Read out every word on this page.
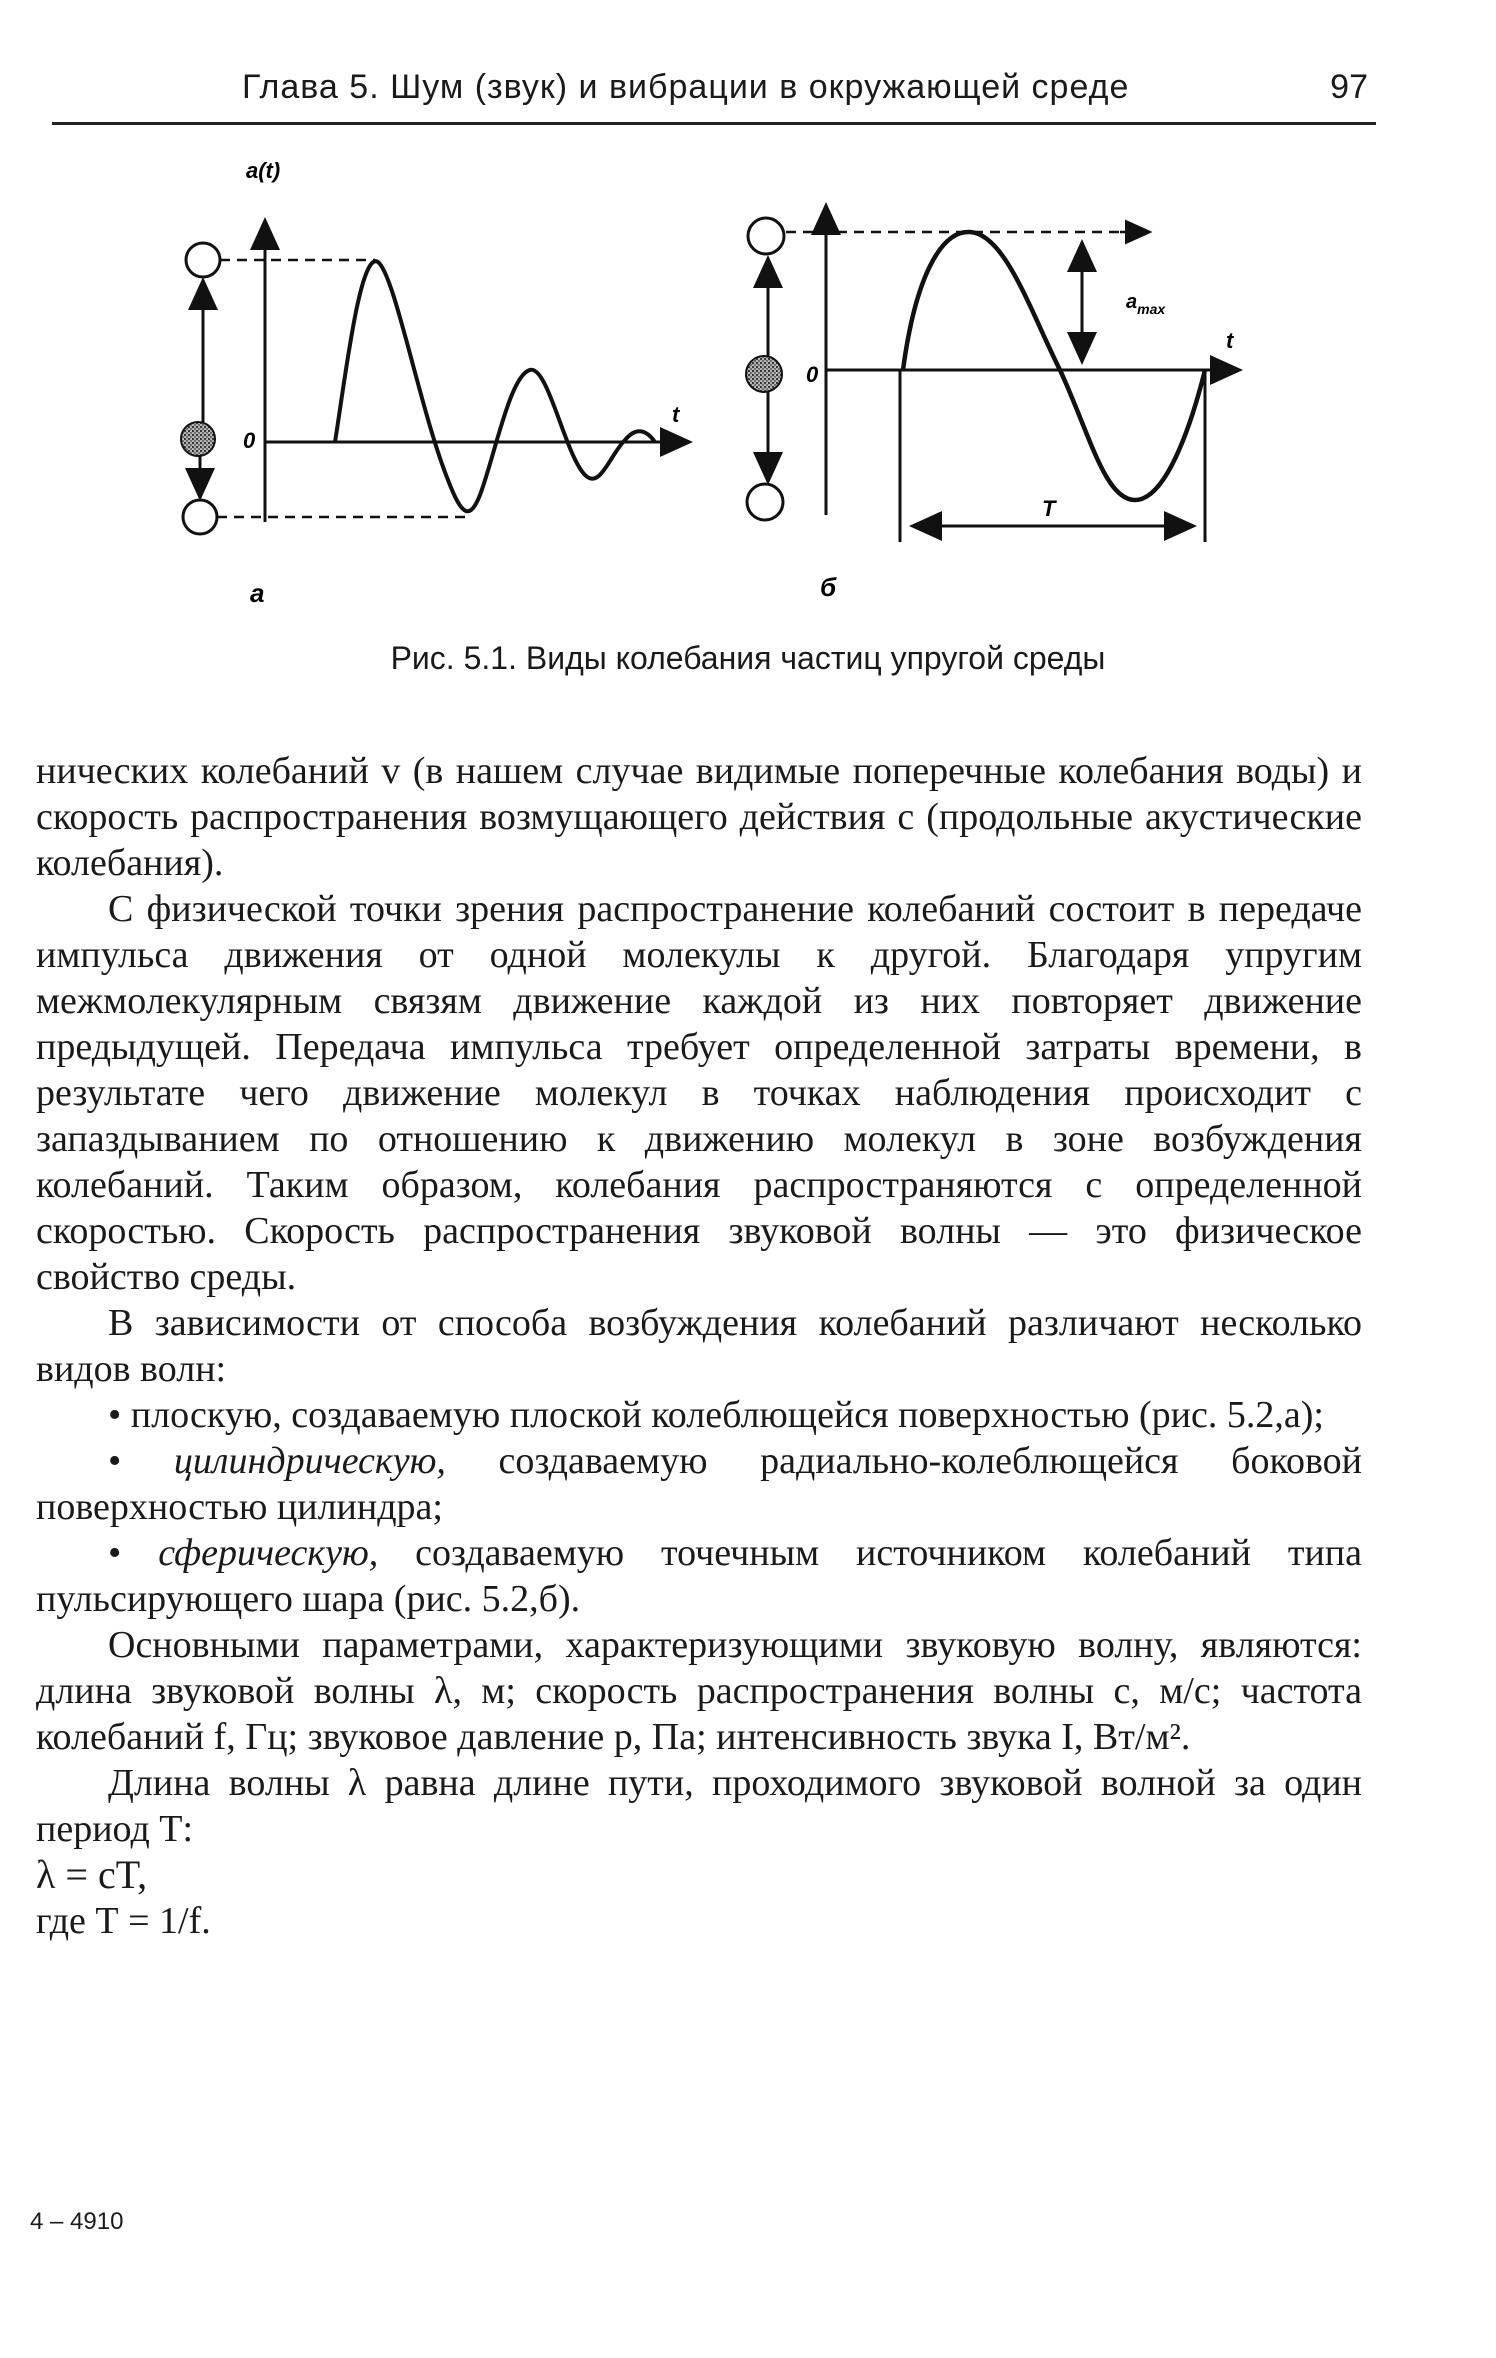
Глава 5. Шум (звук) и вибрации в окружающей среде	97
a(t)
0
t
а
$a_{max}$
t
0
T
б
Рис. 5.1. Виды колебания частиц упругой среды

нических колебаний v (в нашем случае видимые поперечные колебания воды) и скорость распространения возмущающего действия с (продольные акустические колебания).

С физической точки зрения распространение колебаний состоит в передаче импульса движения от одной молекулы к другой. Благодаря упругим межмолекулярным связям движение каждой из них повторяет движение предыдущей. Передача импульса требует определенной затраты времени, в результате чего движение молекул в точках наблюдения происходит с запаздыванием по отношению к движению молекул в зоне возбуждения колебаний. Таким образом, колебания распространяются с определенной скоростью. Скорость распространения звуковой волны — это физическое свойство среды.

В зависимости от способа возбуждения колебаний различают несколько видов волн:

• плоскую, создаваемую плоской колеблющейся поверхностью (рис. 5.2,а);

• цилиндрическую, создаваемую радиально-колеблющейся боковой поверхностью цилиндра;

• сферическую, создаваемую точечным источником колебаний типа пульсирующего шара (рис. 5.2,б).

Основными параметрами, характеризующими звуковую волну, являются: длина звуковой волны λ, м; скорость распространения волны с, м/с; частота колебаний f, Гц; звуковое давление р, Па; интенсивность звука I, Вт/м².

Длина волны λ равна длине пути, проходимого звуковой волной за один период Т:

λ = cT,

где Т = 1/f.

4 – 4910
